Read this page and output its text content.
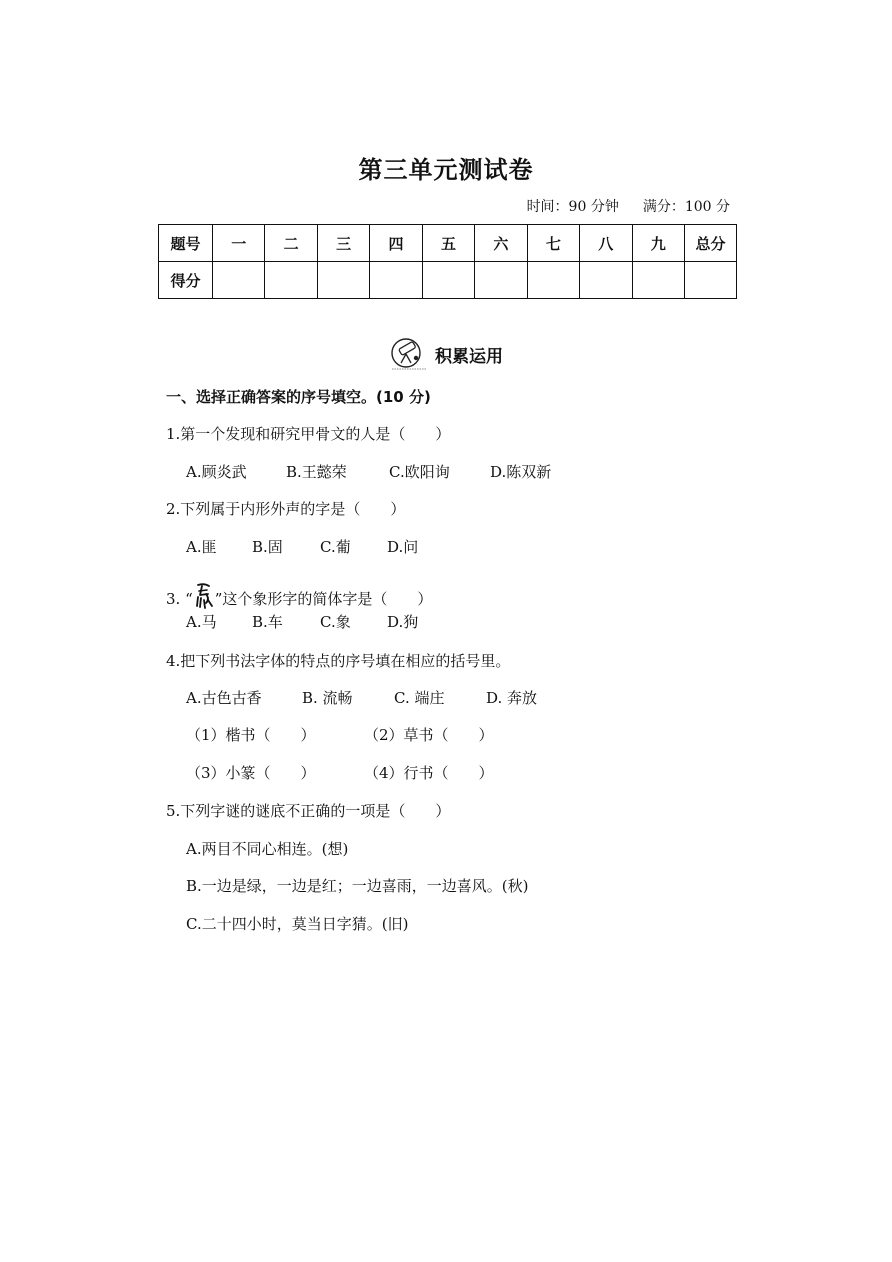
第三单元测试卷
时间：90 分钟 满分：100 分
题号	一	二	三	四	五	六	七	八	九	总分
得分										
积累运用
一、选择正确答案的序号填空。(10 分)
1.第一个发现和研究甲骨文的人是（　　）
A.顾炎武	B.王懿荣	C.欧阳询	D.陈双新
2.下列属于内形外声的字是（　　）
A.匪 B.固 C.葡 D.问
3. “ ”这个象形字的简体字是（　　）
A.马 B.车 C.象 D.狗
4.把下列书法字体的特点的序号填在相应的括号里。
A.古色古香	B. 流畅	C. 端庄	D. 奔放
（1）楷书（　　）	（2）草书（　　）
（3）小篆（　　）	（4）行书（　　）
5.下列字谜的谜底不正确的一项是（　　）
A.两目不同心相连。(想)
B.一边是绿，一边是红；一边喜雨，一边喜风。(秋)
C.二十四小时，莫当日字猜。(旧)
